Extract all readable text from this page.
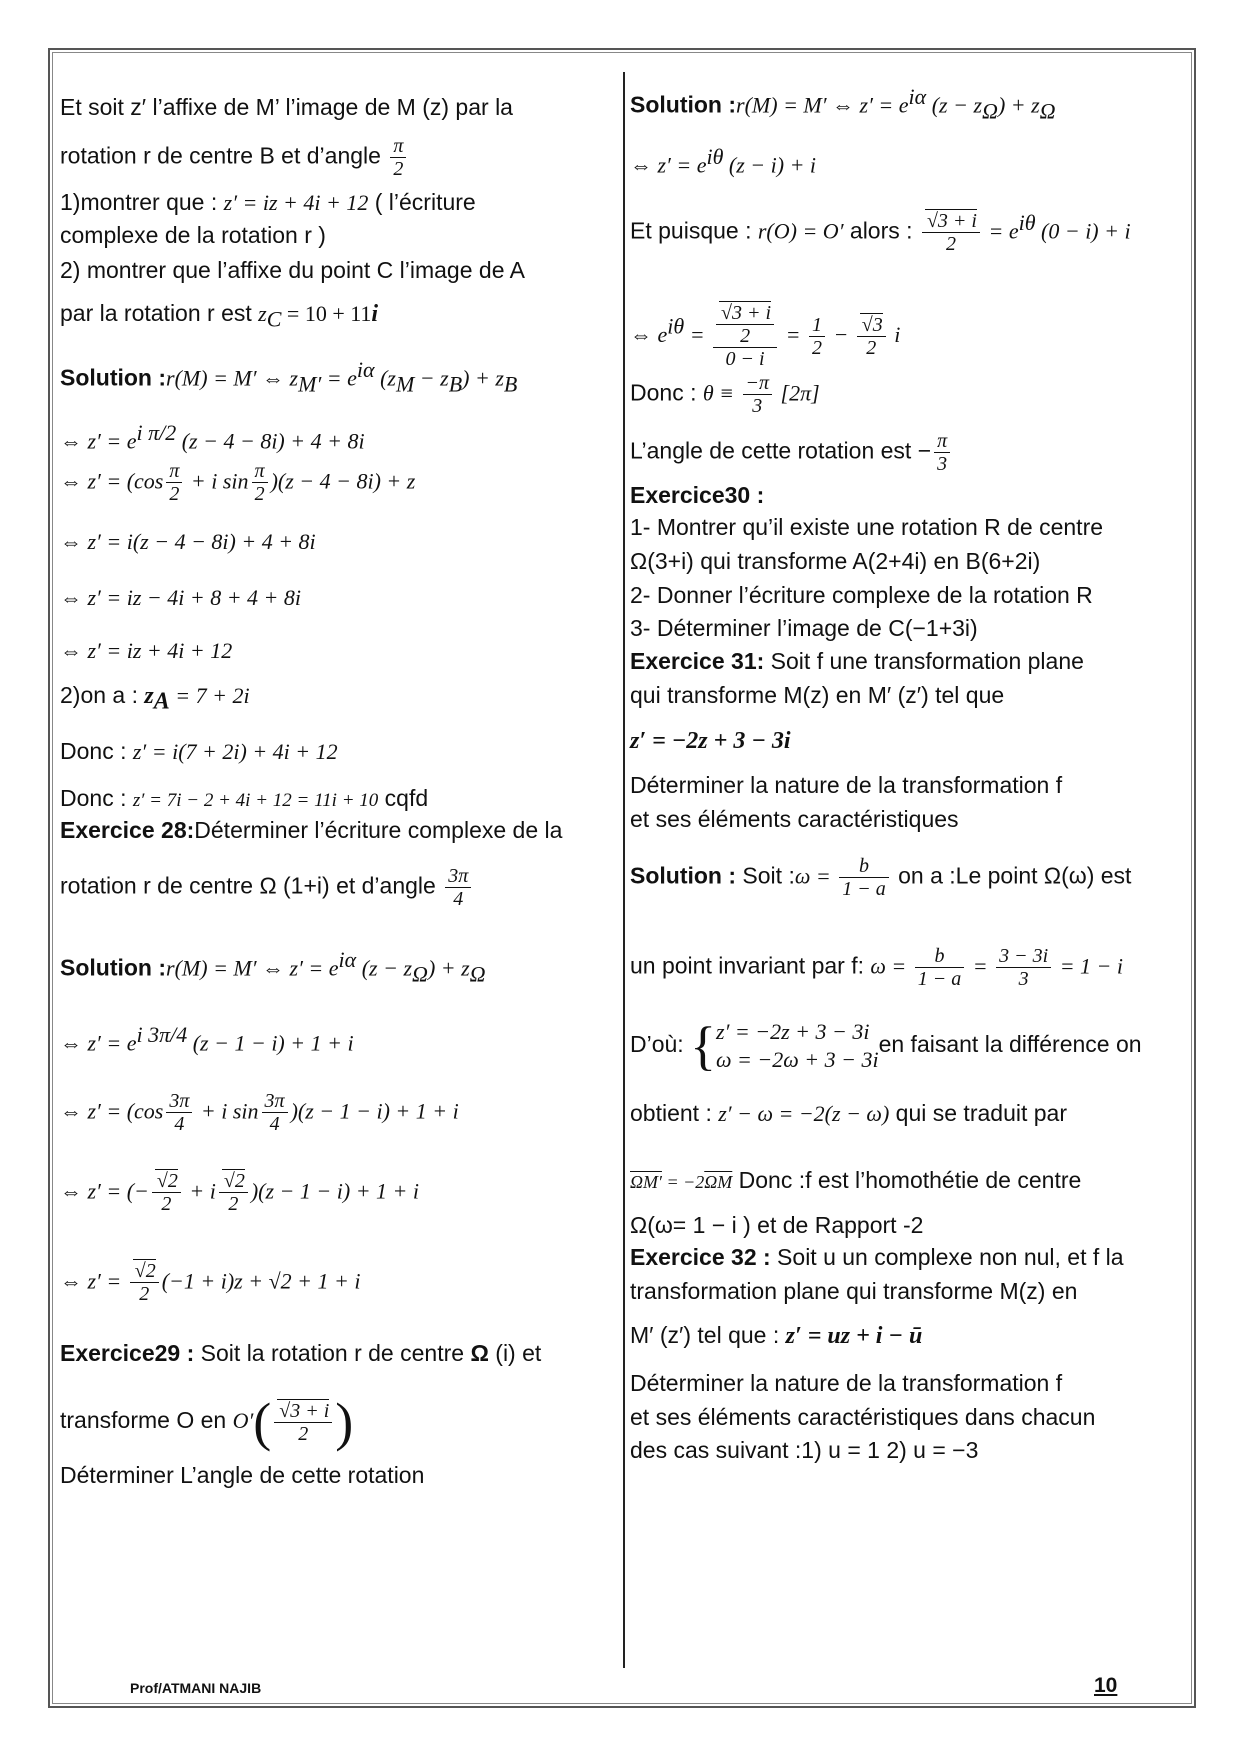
Et soit z′ l’affixe de M’ l’image de M (z) par la
rotation r de centre B et d’angle $\frac{\pi}{2}$
1)montrer que : z′ = iz + 4i + 12 ( l’écriture
complexe de la rotation r )
2) montrer que l’affixe du point C l’image de A
par la rotation r est $z_C = 10 + 11i$
Solution :r(M) = M′ ⇔ $z_{M'} = e^{i\alpha}$ $(z_M - z_B) + z_B$
⇔ $z' = e^{i \pi/2}$ (z − 4 − 8i) + 4 + 8i
⇔ $z' = (\cos \frac{\pi}{2} + i$ $\sin \frac{\pi}{2} )(z - 4 - 8i) + z$
⇔ z′ = i(z − 4 − 8i) + 4 + 8i
⇔ z′ = iz − 4i + 8 + 4 + 8i
⇔ z′ = iz + 4i + 12
2)on a : $z_A = 7 + 2i$
Donc : z′ = i(7 + 2i) + 4i + 12
Donc : z′ = 7i − 2 + 4i + 12 = 11i + 10 cqfd
Exercice 28:Déterminer l’écriture complexe de la
rotation r de centre Ω (1+i) et d’angle $\frac{3\pi}{4}$
Solution :r(M) = M′ ⇔ $z' = e^{i\alpha}$ $(z - z_\Omega) + z_\Omega$
⇔ $z' = e^{i 3\pi/4}$ (z − 1 − i) + 1 + i
⇔ $z' = (\cos \frac{3\pi}{4} + i$ $\sin \frac{3\pi}{4} )(z - 1 - i) + 1 + i$
⇔ z′ = (− $\frac{√2}{2} + i \frac{√2}{2} )(z - 1 - i) + 1 + i$
⇔ $z' = \frac{√2}{2} (-1 + i)z + √2 + 1 + i$
Exercice29 : Soit la rotation r de centre Ω (i) et
transforme O en $O'( \frac{√3 + i}{2}$ )
Déterminer L’angle de cette rotation
Solution :r(M) = M′ ⇔ $z' = e^{i\alpha}$ $(z - z_\Omega) + z_\Omega$
⇔ $z' = e^{i\theta}$ (z − i) + i
Et puisque : r(O) = O′ alors : $\frac{√3 + i}{2} = e^{i\theta}$ (0 − i) + i
⇔ $e^{i\theta} = \frac{\frac{√3 + i}{2}}{0 - i} = \frac{1}{2} - \frac{√3}{2}$ i
Donc : $\theta \equiv \frac{-\pi}{3} [2\pi]$
L’angle de cette rotation est − $\frac{\pi}{3}$
Exercice30 :
1- Montrer qu’il existe une rotation R de centre
Ω(3+i) qui transforme A(2+4i) en B(6+2i)
2- Donner l’écriture complexe de la rotation R
3- Déterminer l’image de C(−1+3i)
Exercice 31: Soit f une transformation plane
qui transforme M(z) en M′ (z′) tel que
z′ = −2z + 3 − 3i
Déterminer la nature de la transformation f
et ses éléments caractéristiques
Solution : Soit :ω = $\frac{b}{1 - a}$ on a :Le point Ω(ω) est
un point invariant par f: $\omega = \frac{b}{1 - a} = \frac{3 - 3i}{3} = 1 - i$
D’où: { z′ = −2z + 3 − 3i
ω = −2ω + 3 − 3i
en faisant la différence on
obtient : z′ − ω = −2(z − ω) qui se traduit par
$\Omega M' = -2\overline{\Omega M}$ Donc :f est l’homothétie de centre
Ω(ω= 1 − i ) et de Rapport -2
Exercice 32 : Soit u un complexe non nul, et f la
transformation plane qui transforme M(z) en
M′ (z′) tel que : z′ = uz + i − ū
Déterminer la nature de la transformation f
et ses éléments caractéristiques dans chacun
des cas suivant :1) u = 1 2) u = −3
Prof/ATMANI NAJIB	10
